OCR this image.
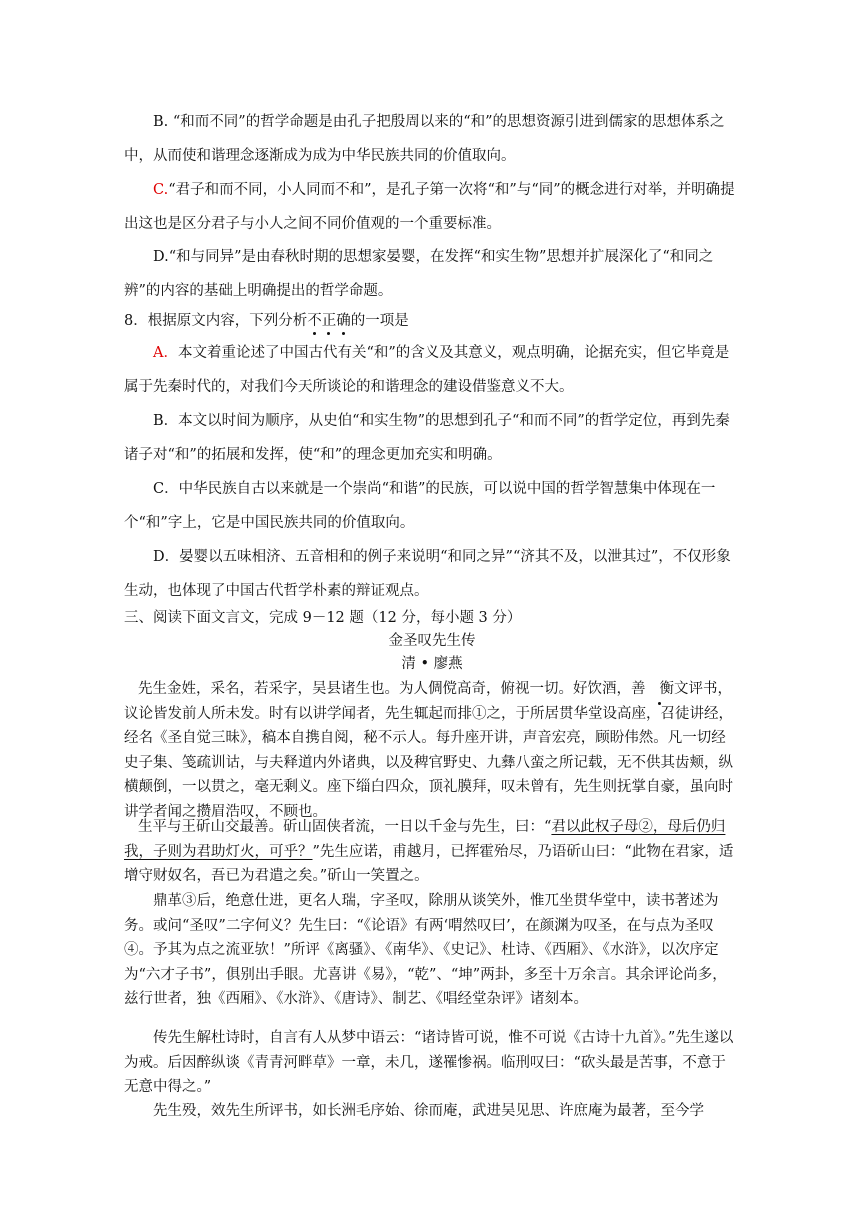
B. “和而不同”的哲学命题是由孔子把殷周以来的“和”的思想资源引进到儒家的思想体系之中，从而使和谐理念逐渐成为成为中华民族共同的价值取向。
C.“君子和而不同，小人同而不和”，是孔子第一次将“和”与“同”的概念进行对举，并明确提出这也是区分君子与小人之间不同价值观的一个重要标准。
D.“和与同异”是由春秋时期的思想家晏婴，在发挥“和实生物”思想并扩展深化了“和同之辨”的内容的基础上明确提出的哲学命题。
8．根据原文内容，下列分析不正确的一项是
A．本文着重论述了中国古代有关“和”的含义及其意义，观点明确，论据充实，但它毕竟是属于先秦时代的，对我们今天所谈论的和谐理念的建设借鉴意义不大。
B．本文以时间为顺序，从史伯“和实生物”的思想到孔子“和而不同”的哲学定位，再到先秦诸子对“和”的拓展和发挥，使“和”的理念更加充实和明确。
C．中华民族自古以来就是一个崇尚“和谐”的民族，可以说中国的哲学智慧集中体现在一个“和”字上，它是中国民族共同的价值取向。
D．晏婴以五味相济、五音相和的例子来说明“和同之异”“济其不及，以泄其过”，不仅形象生动，也体现了中国古代哲学朴素的辩证观点。
三、阅读下面文言文，完成 9－12 题（12 分，每小题 3 分）
金圣叹先生传
清 • 廖燕
先生金姓，采名，若采字，吴县诸生也。为人倜傥高奇，俯视一切。好饮酒，善 衡文评书，议论皆发前人所未发。时有以讲学闻者，先生辄起而排①之，于所居贯华堂设高座，召徒讲经，经名《圣自觉三昧》，稿本自携自阅，秘不示人。每升座开讲，声音宏亮，顾盼伟然。凡一切经史子集、笺疏训诂，与夫释道内外诸典，以及稗官野史、九彝八蛮之所记载，无不供其齿颊，纵横颠倒，一以贯之，毫无剩义。座下缁白四众，顶礼膜拜，叹未曾有，先生则抚掌自豪，虽向时讲学者闻之攒眉浩叹，不顾也。
生平与王斫山交最善。斫山固侠者流，一日以千金与先生，曰：“君以此权子母②，母后仍归我，子则为君助灯火，可乎？”先生应诺，甫越月，已挥霍殆尽，乃语斫山曰：“此物在君家，适增守财奴名，吾已为君遣之矣。”斫山一笑置之。
鼎革③后，绝意仕进，更名人瑞，字圣叹，除朋从谈笑外，惟兀坐贯华堂中，读书著述为务。或问“圣叹”二字何义？先生曰：“《论语》有两‘喟然叹曰’，在颜渊为叹圣，在与点为圣叹④。予其为点之流亚欤！”所评《离骚》、《南华》、《史记》、杜诗、《西厢》、《水浒》，以次序定为“六才子书”，俱别出手眼。尤喜讲《易》，“乾”、“坤”两卦，多至十万余言。其余评论尚多，兹行世者，独《西厢》、《水浒》、《唐诗》、制艺、《唱经堂杂评》诸刻本。
传先生解杜诗时，自言有人从梦中语云：“诸诗皆可说，惟不可说《古诗十九首》。”先生遂以为戒。后因醉纵谈《青青河畔草》一章，未几，遂罹惨祸。临刑叹曰：“砍头最是苦事，不意于无意中得之。”
先生殁，效先生所评书，如长洲毛序始、徐而庵，武进吴见思、许庶庵为最著，至今学
